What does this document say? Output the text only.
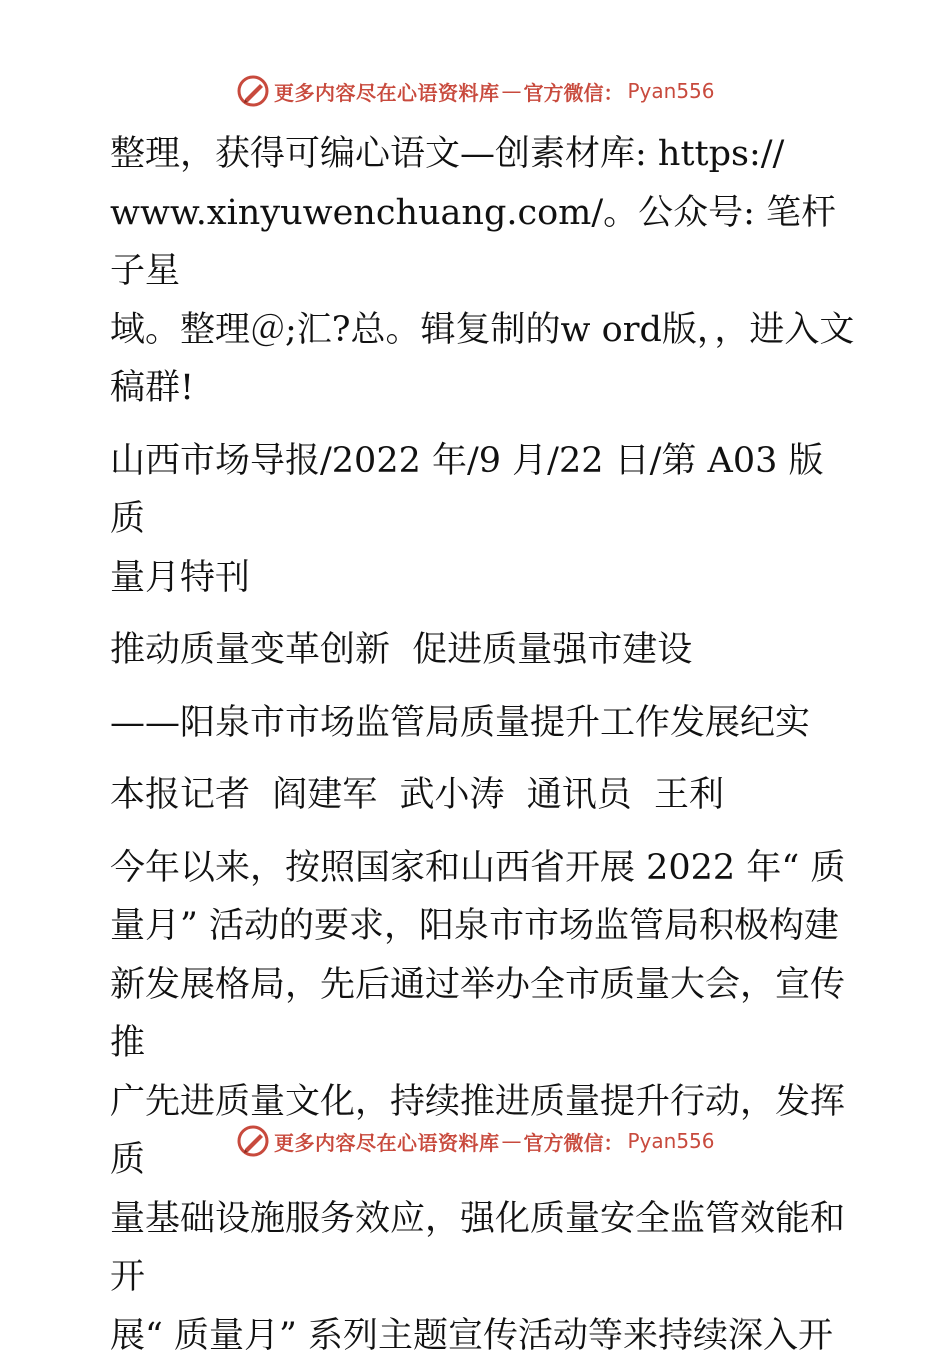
更多内容尽在心语资料库 — 官方微信： Pyan556

整理，获得可编心语文—创素材库: https://
www.xinyuwenchuang.com/。公众号: 笔杆子星
域。整理＠;汇?总。辑复制的w ord版，，进入文
稿群!

山西市场导报/2022 年/9 月/22 日/第 A03 版质
量月特刊

推动质量变革创新  促进质量强市建设

——阳泉市市场监管局质量提升工作发展纪实

本报记者  阎建军  武小涛  通讯员  王利

今年以来，按照国家和山西省开展 2022 年“ 质
量月” 活动的要求，阳泉市市场监管局积极构建
新发展格局，先后通过举办全市质量大会，宣传推
广先进质量文化，持续推进质量提升行动，发挥质
量基础设施服务效应，强化质量安全监管效能和开
展“ 质量月” 系列主题宣传活动等来持续深入开

更多内容尽在心语资料库 — 官方微信： Pyan556
